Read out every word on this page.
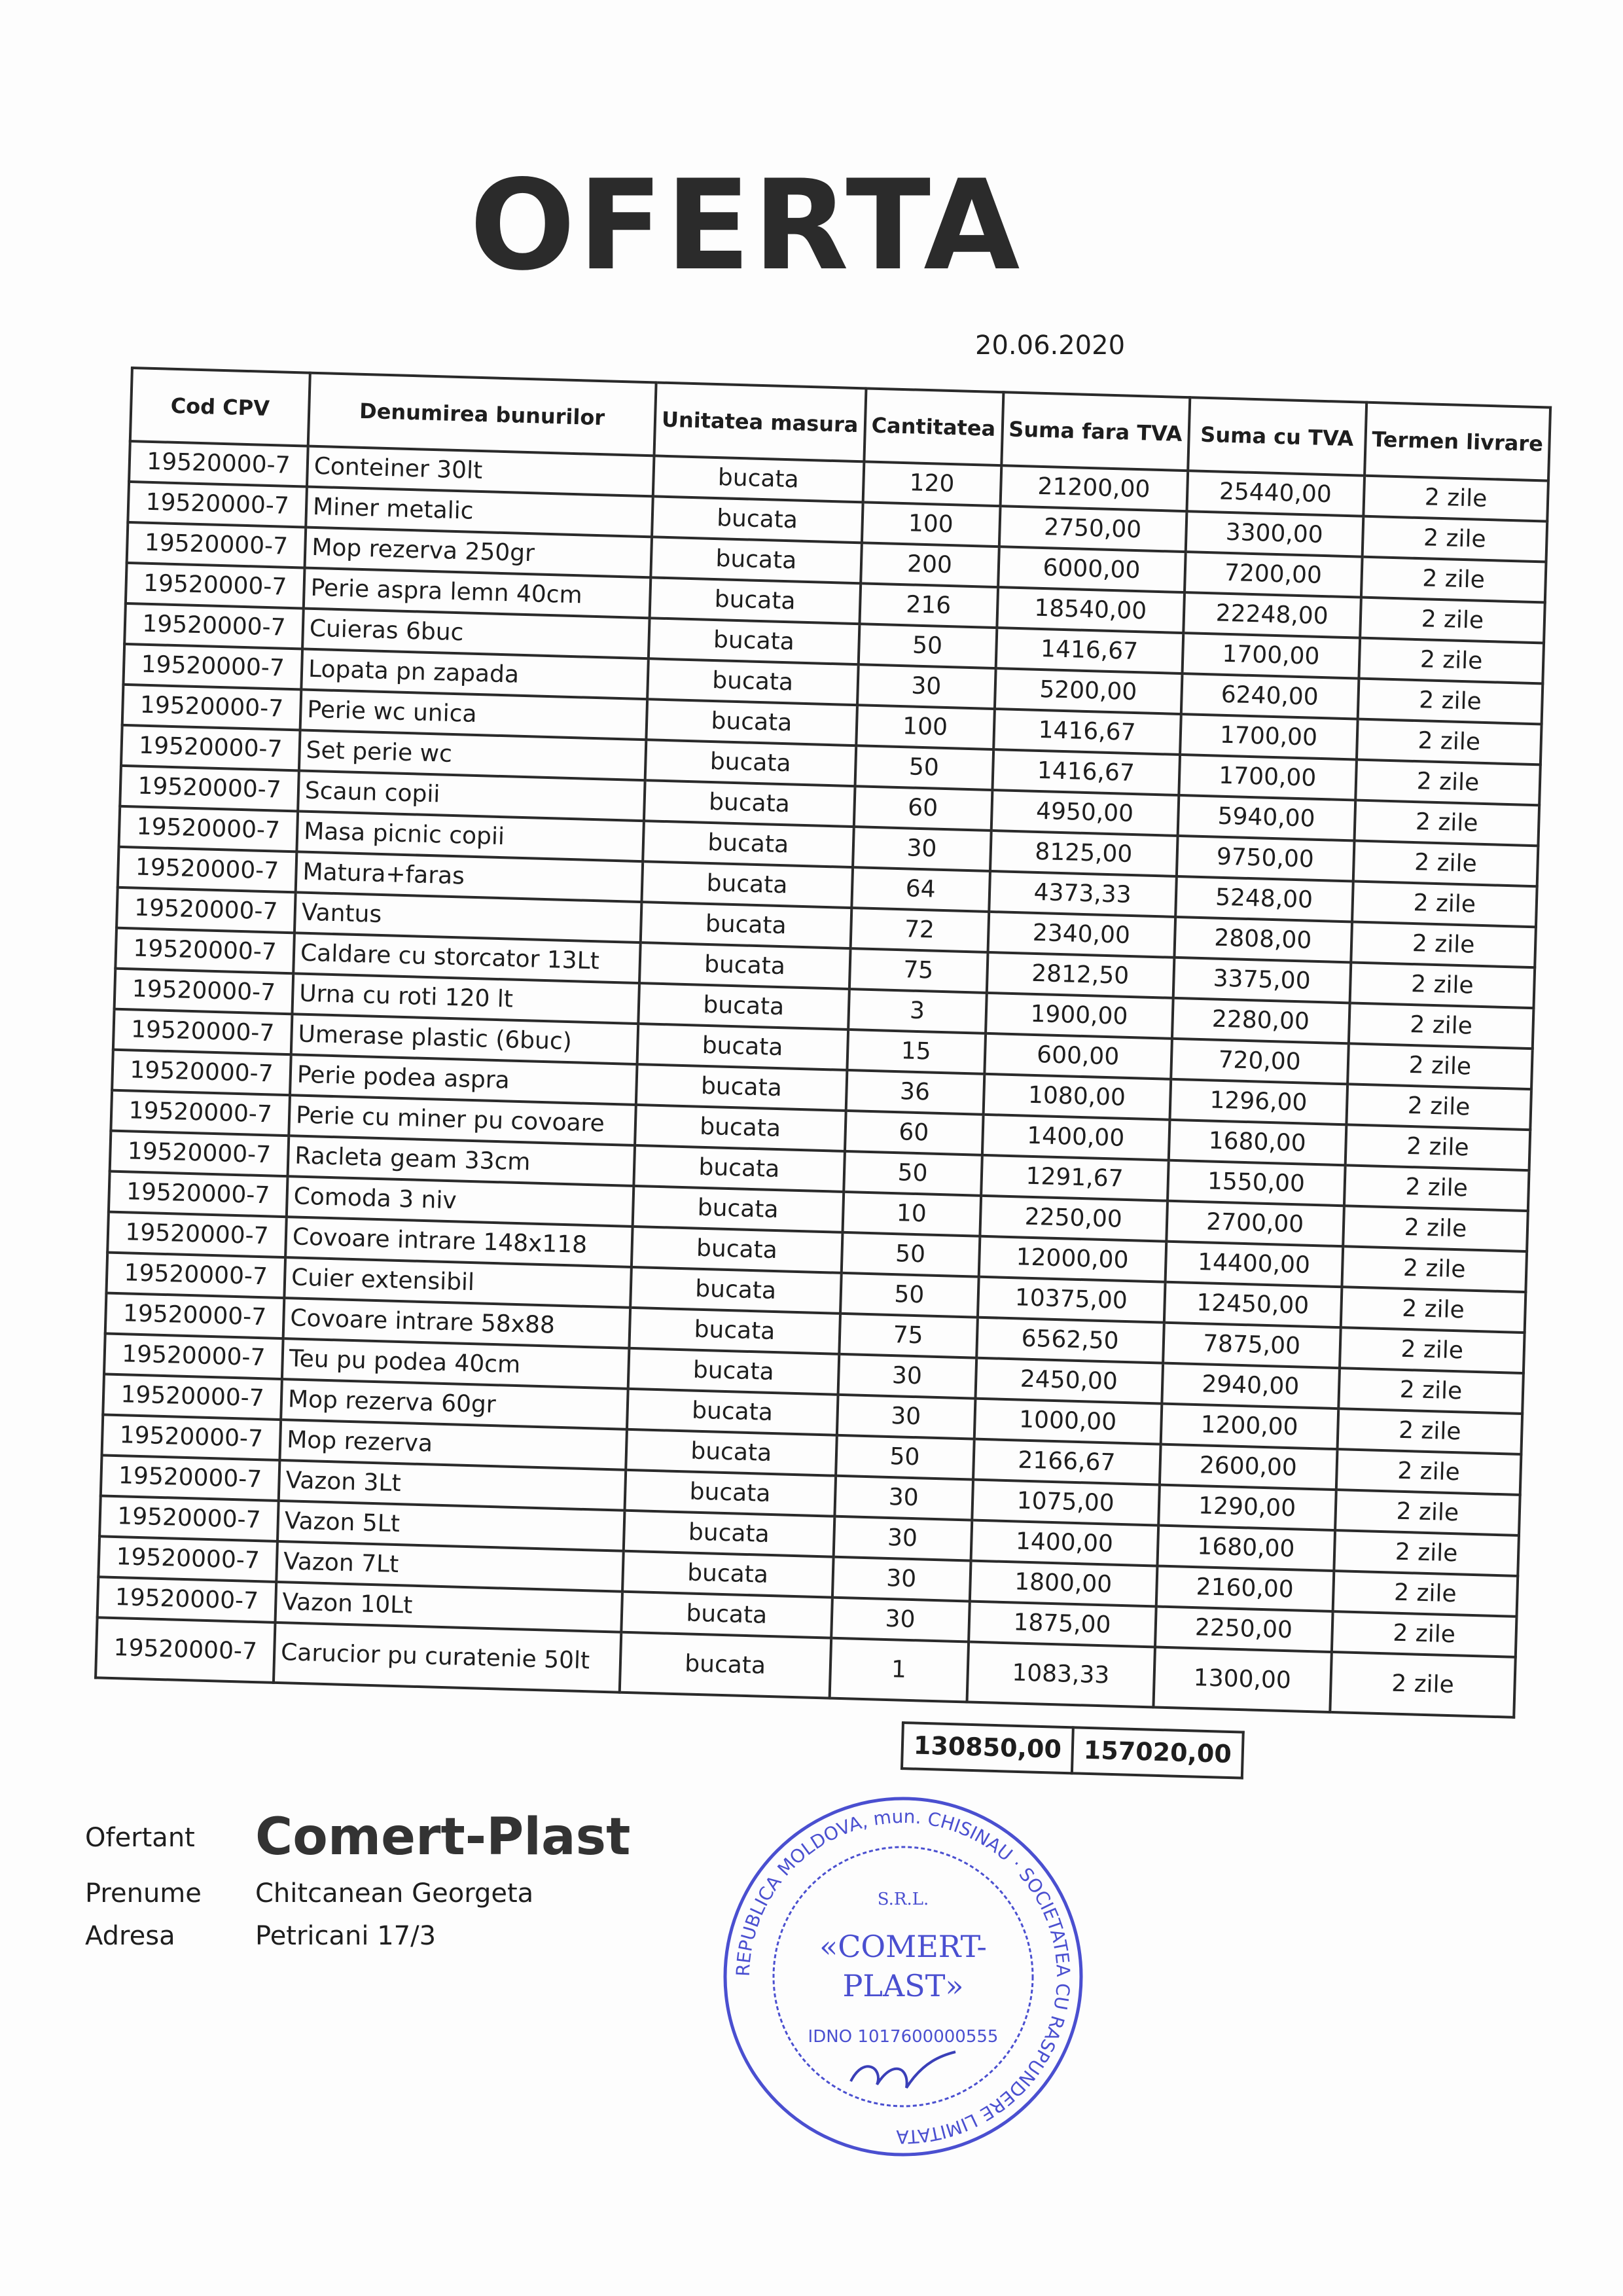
OFERTA
20.06.2020
Cod CPV	Denumirea bunurilor	Unitatea masura	Cantitatea	Suma fara TVA	Suma cu TVA	Termen livrare
19520000-7	Conteiner 30lt	bucata	120	21200,00	25440,00	2 zile
19520000-7	Miner metalic	bucata	100	2750,00	3300,00	2 zile
19520000-7	Mop rezerva 250gr	bucata	200	6000,00	7200,00	2 zile
19520000-7	Perie aspra lemn 40cm	bucata	216	18540,00	22248,00	2 zile
19520000-7	Cuieras 6buc	bucata	50	1416,67	1700,00	2 zile
19520000-7	Lopata pn zapada	bucata	30	5200,00	6240,00	2 zile
19520000-7	Perie wc unica	bucata	100	1416,67	1700,00	2 zile
19520000-7	Set perie wc	bucata	50	1416,67	1700,00	2 zile
19520000-7	Scaun copii	bucata	60	4950,00	5940,00	2 zile
19520000-7	Masa picnic copii	bucata	30	8125,00	9750,00	2 zile
19520000-7	Matura+faras	bucata	64	4373,33	5248,00	2 zile
19520000-7	Vantus	bucata	72	2340,00	2808,00	2 zile
19520000-7	Caldare cu storcator 13Lt	bucata	75	2812,50	3375,00	2 zile
19520000-7	Urna cu roti 120 lt	bucata	3	1900,00	2280,00	2 zile
19520000-7	Umerase plastic (6buc)	bucata	15	600,00	720,00	2 zile
19520000-7	Perie podea aspra	bucata	36	1080,00	1296,00	2 zile
19520000-7	Perie cu miner pu covoare	bucata	60	1400,00	1680,00	2 zile
19520000-7	Racleta geam 33cm	bucata	50	1291,67	1550,00	2 zile
19520000-7	Comoda 3 niv	bucata	10	2250,00	2700,00	2 zile
19520000-7	Covoare intrare 148x118	bucata	50	12000,00	14400,00	2 zile
19520000-7	Cuier extensibil	bucata	50	10375,00	12450,00	2 zile
19520000-7	Covoare intrare 58x88	bucata	75	6562,50	7875,00	2 zile
19520000-7	Teu pu podea 40cm	bucata	30	2450,00	2940,00	2 zile
19520000-7	Mop rezerva 60gr	bucata	30	1000,00	1200,00	2 zile
19520000-7	Mop rezerva	bucata	50	2166,67	2600,00	2 zile
19520000-7	Vazon 3Lt	bucata	30	1075,00	1290,00	2 zile
19520000-7	Vazon 5Lt	bucata	30	1400,00	1680,00	2 zile
19520000-7	Vazon 7Lt	bucata	30	1800,00	2160,00	2 zile
19520000-7	Vazon 10Lt	bucata	30	1875,00	2250,00	2 zile
19520000-7	Carucior pu curatenie 50lt	bucata	1	1083,33	1300,00	2 zile
130850,00	157020,00
Ofertant Comert-Plast
Prenume Chitcanean Georgeta
Adresa	Petricani 17/3
REPUBLICA MOLDOVA, mun. CHISINAU · SOCIETATEA CU RASPUNDERE LIMITATA
S.R.L.
«COMERT-
PLAST»
IDNO 1017600000555
